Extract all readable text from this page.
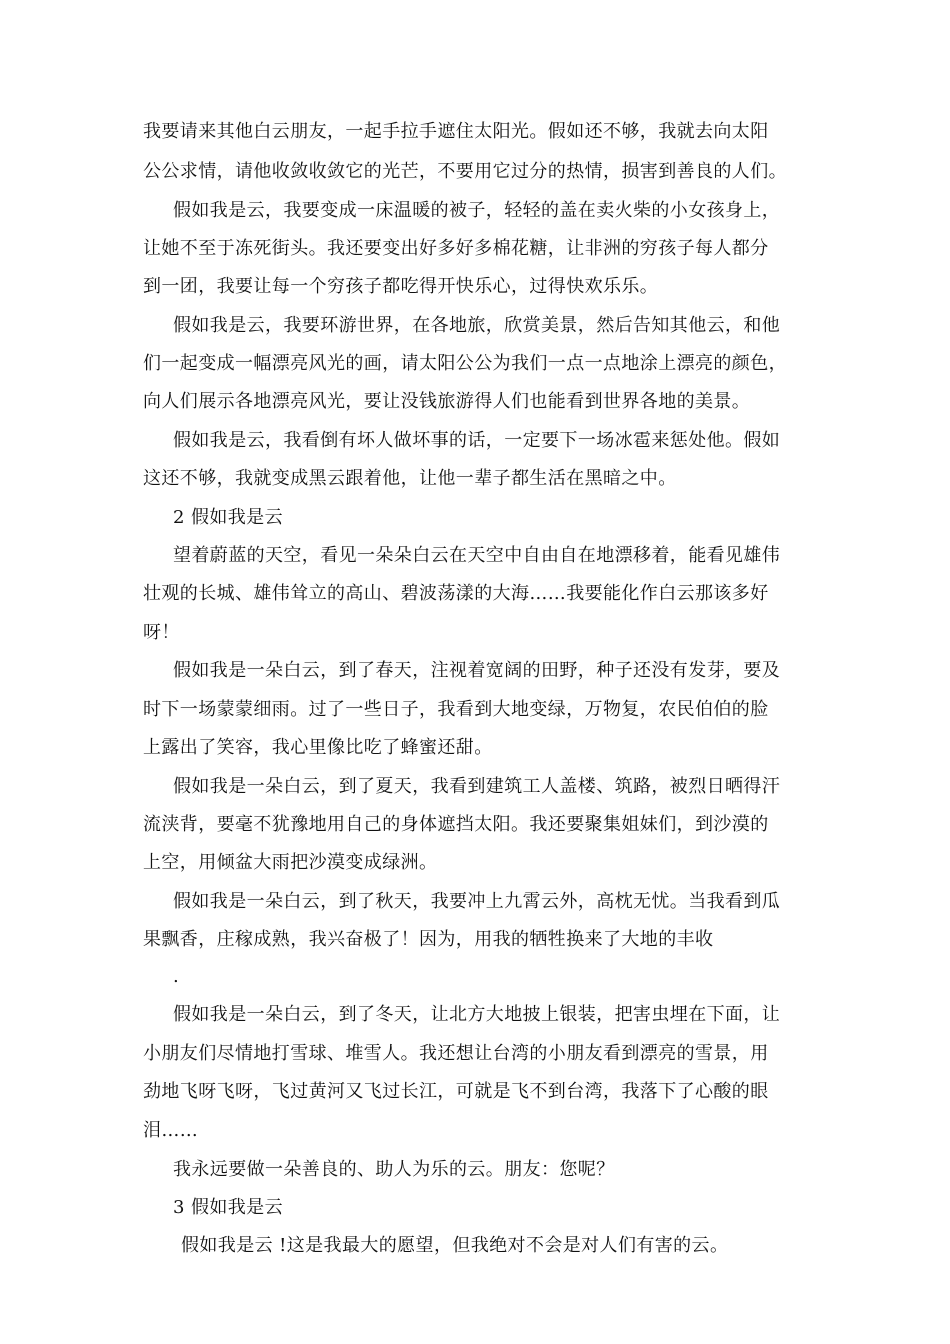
我要请来其他白云朋友，一起手拉手遮住太阳光。假如还不够，我就去向太阳
公公求情，请他收敛收敛它的光芒，不要用它过分的热情，损害到善良的人们。
假如我是云，我要变成一床温暖的被子，轻轻的盖在卖火柴的小女孩身上，
让她不至于冻死街头。我还要变出好多好多棉花糖，让非洲的穷孩子每人都分
到一团，我要让每一个穷孩子都吃得开快乐心，过得快欢乐乐。
假如我是云，我要环游世界，在各地旅，欣赏美景，然后告知其他云，和他
们一起变成一幅漂亮风光的画，请太阳公公为我们一点一点地涂上漂亮的颜色，
向人们展示各地漂亮风光，要让没钱旅游得人们也能看到世界各地的美景。
假如我是云，我看倒有坏人做坏事的话，一定要下一场冰雹来惩处他。假如
这还不够，我就变成黑云跟着他，让他一辈子都生活在黑暗之中。
2 假如我是云
望着蔚蓝的天空，看见一朵朵白云在天空中自由自在地漂移着，能看见雄伟
壮观的长城、雄伟耸立的高山、碧波荡漾的大海……我要能化作白云那该多好
呀！
假如我是一朵白云，到了春天，注视着宽阔的田野，种子还没有发芽，要及
时下一场蒙蒙细雨。过了一些日子，我看到大地变绿，万物复，农民伯伯的脸
上露出了笑容，我心里像比吃了蜂蜜还甜。
假如我是一朵白云，到了夏天，我看到建筑工人盖楼、筑路，被烈日晒得汗
流浃背，要毫不犹豫地用自己的身体遮挡太阳。我还要聚集姐妹们，到沙漠的
上空，用倾盆大雨把沙漠变成绿洲。
假如我是一朵白云，到了秋天，我要冲上九霄云外，高枕无忧。当我看到瓜
果飘香，庄稼成熟，我兴奋极了！因为，用我的牺牲换来了大地的丰收
.
假如我是一朵白云，到了冬天，让北方大地披上银装，把害虫埋在下面，让
小朋友们尽情地打雪球、堆雪人。我还想让台湾的小朋友看到漂亮的雪景，用
劲地飞呀飞呀，飞过黄河又飞过长江，可就是飞不到台湾，我落下了心酸的眼
泪……
我永远要做一朵善良的、助人为乐的云。朋友：您呢？
3 假如我是云
假如我是云 !这是我最大的愿望，但我绝对不会是对人们有害的云。
